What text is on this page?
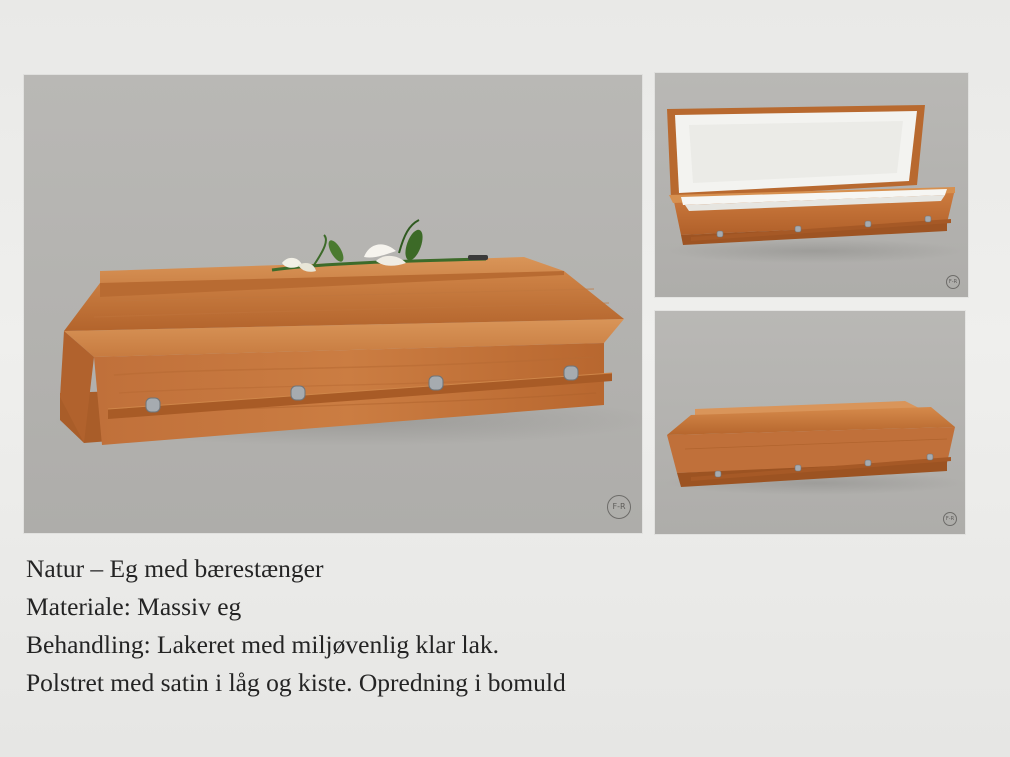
F-R
F-R
F-R
Natur – Eg med bærestænger
Materiale: Massiv eg
Behandling: Lakeret med miljøvenlig klar lak.
Polstret med satin i låg og kiste. Opredning i bomuld
